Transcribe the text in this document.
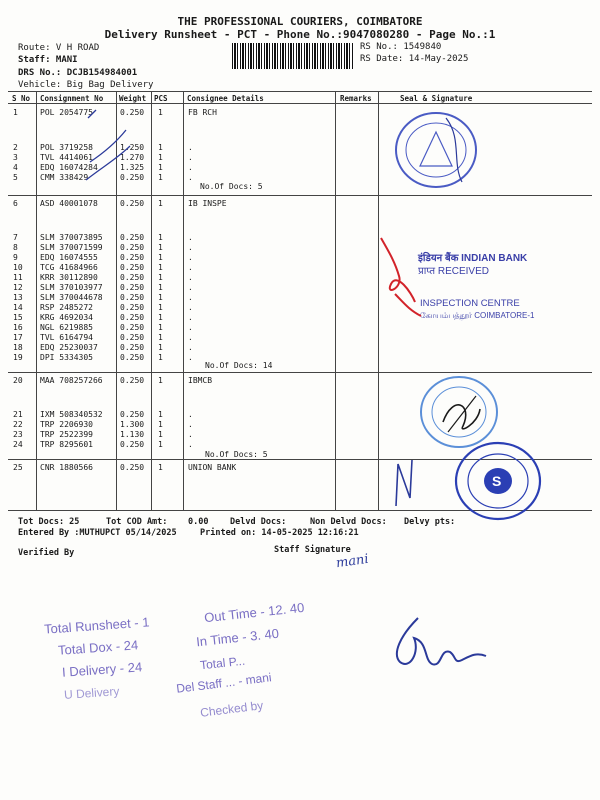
THE PROFESSIONAL COURIERS, COIMBATORE
Delivery Runsheet - PCT - Phone No.:9047080280 - Page No.:1
Route: V H ROAD
Staff: MANI
DRS No.: DCJB154984001
Vehicle: Big Bag Delivery
RS No.: 1549840
RS Date: 14-May-2025
S No Consignment No Weight PCS	Consignee Details	Remarks	Seal & Signature
1	POL 2054775	0.250 1	FB RCH
2	POL 3719258	1.250 1	.
3	TVL 4414061	1.270 1	.
4	EDQ 16074284	1.325 1	.
5	CMM 338429	0.250 1	.
6	ASD 40001078	0.250 1	IB INSPE
7	SLM 370073895 0.250 1	.
8	SLM 370071599 0.250 1	.
9	EDQ 16074555	0.250 1	.
10 TCG 41684966	0.250 1	.
11 KRR 30112890	0.250 1	.
12 SLM 370103977 0.250 1	.
13 SLM 370044678 0.250 1	.
14 RSP 2485272	0.250 1	.
15 KRG 4692034	0.250 1	.
16 NGL 6219885	0.250 1	.
17 TVL 6164794	0.250 1	.
18 EDQ 25230037	0.250 1	.
19 DPI 5334305	0.250 1	.
20 MAA 708257266 0.250 1	IBMCB
21 IXM 508340532 0.250 1	.
22 TRP 2206930	1.300 1	.
23 TRP 2522399	1.130 1	.
24 TRP 8295601	0.250 1	.
25 CNR 1880566	0.250 1	UNION BANK
No.Of Docs: 5
No.Of Docs: 14
No.Of Docs: 5
S
इंडियन बैंक INDIAN BANK
प्राप्त RECEIVED
INSPECTION CENTRE
கோயம்பத்தூர் COIMBATORE-1
Tot Docs: 25	Tot COD Amt: 0.00	Delvd Docs:	Non Delvd Docs: Delvy pts:
Entered By :MUTHUPCT 05/14/2025	Printed on: 14-05-2025 12:16:21
Verified By	Staff Signature
mani
Total Runsheet - 1
Out Time - 12. 40
Total Dox - 24	In Time - 3. 40
I Delivery - 24	Total P...
U Delivery	Del Staff ... - mani
Checked by
